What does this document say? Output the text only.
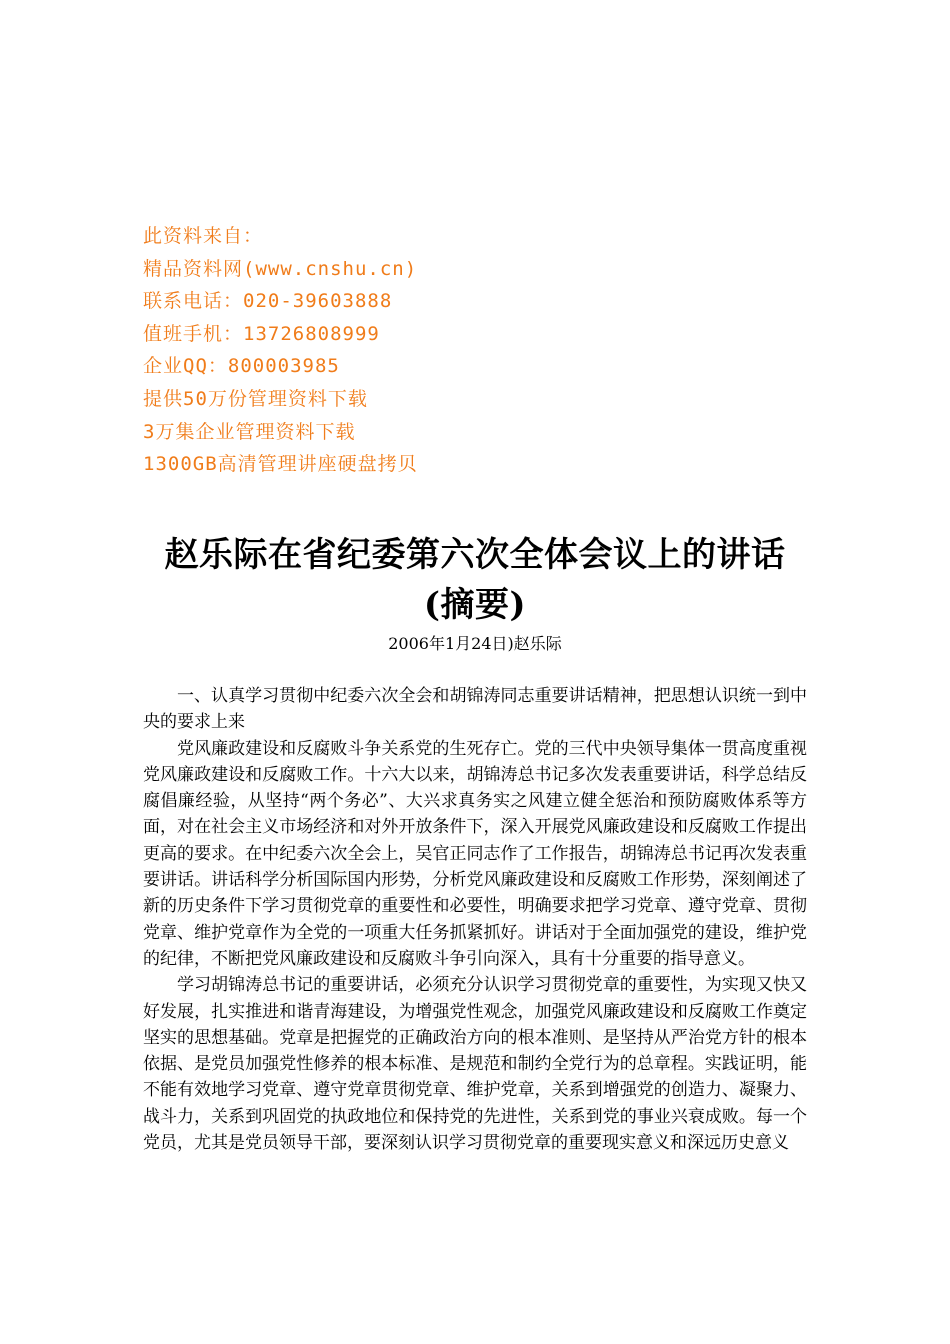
此资料来自：
精品资料网(www.cnshu.cn)
联系电话：020-39603888
值班手机：13726808999
企业QQ：800003985
提供50万份管理资料下载
3万集企业管理资料下载
1300GB高清管理讲座硬盘拷贝
赵乐际在省纪委第六次全体会议上的讲话
(摘要)
2006年1月24日)赵乐际

一、认真学习贯彻中纪委六次全会和胡锦涛同志重要讲话精神，把思想认识统一到中央的要求上来

党风廉政建设和反腐败斗争关系党的生死存亡。党的三代中央领导集体一贯高度重视党风廉政建设和反腐败工作。十六大以来，胡锦涛总书记多次发表重要讲话，科学总结反腐倡廉经验，从坚持“两个务必”、大兴求真务实之风建立健全惩治和预防腐败体系等方面，对在社会主义市场经济和对外开放条件下，深入开展党风廉政建设和反腐败工作提出更高的要求。在中纪委六次全会上，吴官正同志作了工作报告，胡锦涛总书记再次发表重要讲话。讲话科学分析国际国内形势，分析党风廉政建设和反腐败工作形势，深刻阐述了新的历史条件下学习贯彻党章的重要性和必要性，明确要求把学习党章、遵守党章、贯彻党章、维护党章作为全党的一项重大任务抓紧抓好。讲话对于全面加强党的建设，维护党的纪律，不断把党风廉政建设和反腐败斗争引向深入，具有十分重要的指导意义。

学习胡锦涛总书记的重要讲话，必须充分认识学习贯彻党章的重要性，为实现又快又好发展，扎实推进和谐青海建设，为增强党性观念，加强党风廉政建设和反腐败工作奠定坚实的思想基础。党章是把握党的正确政治方向的根本准则、是坚持从严治党方针的根本依据、是党员加强党性修养的根本标准、是规范和制约全党行为的总章程。实践证明，能不能有效地学习党章、遵守党章贯彻党章、维护党章，关系到增强党的创造力、凝聚力、战斗力，关系到巩固党的执政地位和保持党的先进性，关系到党的事业兴衰成败。每一个党员，尤其是党员领导干部，要深刻认识学习贯彻党章的重要现实意义和深远历史意义
